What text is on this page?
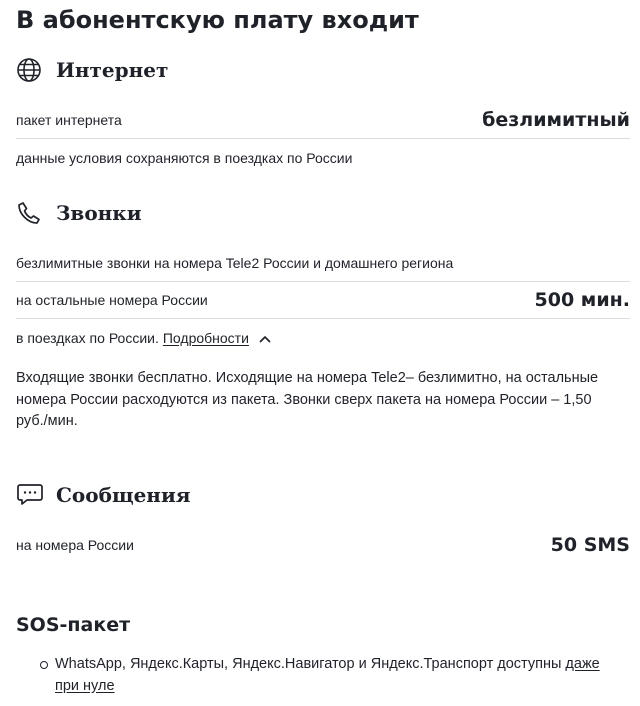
В абонентскую плату входит
Интернет
пакет интернета	безлимитный
данные условия сохраняются в поездках по России
Звонки
безлимитные звонки на номера Tele2 России и домашнего региона
на остальные номера России	500 мин.
в поездках по России. Подробности

Входящие звонки бесплатно. Исходящие на номера Tele2– безлимитно, на остальные номера России расходуются из пакета. Звонки сверх пакета на номера России – 1,50 руб./мин.

Сообщения
на номера России	50 SMS
SOS-пакет
WhatsApp, Яндекс.Карты, Яндекс.Навигатор и Яндекс.Транспорт доступны даже при нуле
